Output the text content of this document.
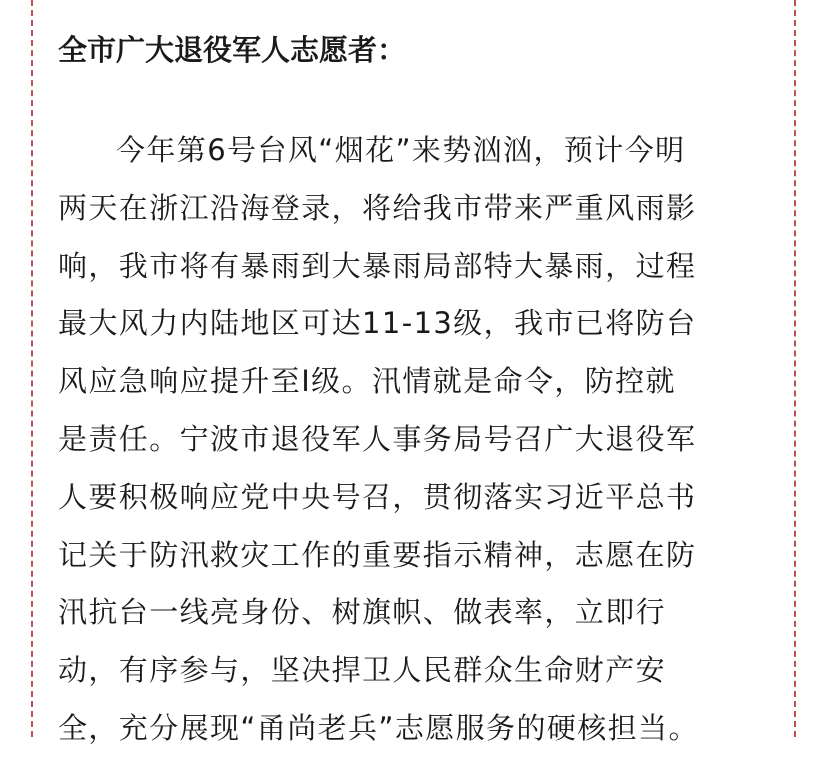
全市广大退役军人志愿者：

今年第6号台风“烟花”来势汹汹，预计今明
两天在浙江沿海登录，将给我市带来严重风雨影
响，我市将有暴雨到大暴雨局部特大暴雨，过程
最大风力内陆地区可达11-13级，我市已将防台
风应急响应提升至Ⅰ级。汛情就是命令，防控就
是责任。宁波市退役军人事务局号召广大退役军
人要积极响应党中央号召，贯彻落实习近平总书
记关于防汛救灾工作的重要指示精神，志愿在防
汛抗台一线亮身份、树旗帜、做表率，立即行
动，有序参与，坚决捍卫人民群众生命财产安
全，充分展现“甬尚老兵”志愿服务的硬核担当。
